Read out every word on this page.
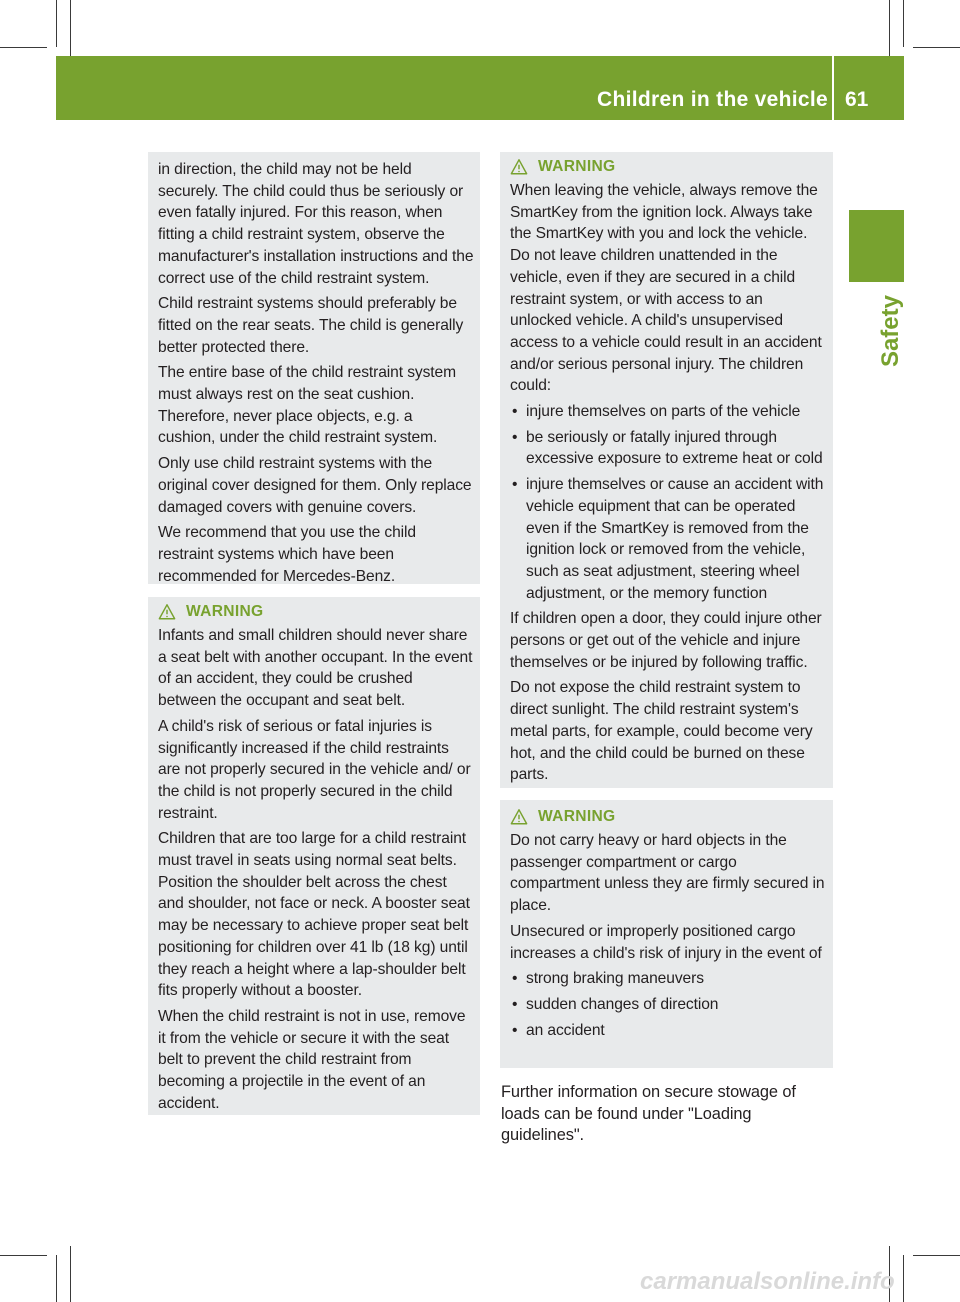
Children in the vehicle 61
Safety

in direction, the child may not be held securely. The child could thus be seriously or even fatally injured. For this reason, when fitting a child restraint system, observe the manufacturer's installation instructions and the correct use of the child restraint system.

Child restraint systems should preferably be fitted on the rear seats. The child is generally better protected there.

The entire base of the child restraint system must always rest on the seat cushion. Therefore, never place objects, e.g. a cushion, under the child restraint system.

Only use child restraint systems with the original cover designed for them. Only replace damaged covers with genuine covers.

We recommend that you use the child restraint systems which have been recommended for Mercedes-Benz.

WARNING

Infants and small children should never share a seat belt with another occupant. In the event of an accident, they could be crushed between the occupant and seat belt.

A child's risk of serious or fatal injuries is significantly increased if the child restraints are not properly secured in the vehicle and/ or the child is not properly secured in the child restraint.

Children that are too large for a child restraint must travel in seats using normal seat belts. Position the shoulder belt across the chest and shoulder, not face or neck. A booster seat may be necessary to achieve proper seat belt positioning for children over 41 lb (18 kg) until they reach a height where a lap-shoulder belt fits properly without a booster.

When the child restraint is not in use, remove it from the vehicle or secure it with the seat belt to prevent the child restraint from becoming a projectile in the event of an accident.

WARNING

When leaving the vehicle, always remove the SmartKey from the ignition lock. Always take the SmartKey with you and lock the vehicle. Do not leave children unattended in the vehicle, even if they are secured in a child restraint system, or with access to an unlocked vehicle. A child's unsupervised access to a vehicle could result in an accident and/or serious personal injury. The children could:

• injure themselves on parts of the vehicle
• be seriously or fatally injured through excessive exposure to extreme heat or cold
• injure themselves or cause an accident with vehicle equipment that can be operated even if the SmartKey is removed from the ignition lock or removed from the vehicle, such as seat adjustment, steering wheel adjustment, or the memory function

If children open a door, they could injure other persons or get out of the vehicle and injure themselves or be injured by following traffic.

Do not expose the child restraint system to direct sunlight. The child restraint system's metal parts, for example, could become very hot, and the child could be burned on these parts.

WARNING

Do not carry heavy or hard objects in the passenger compartment or cargo compartment unless they are firmly secured in place.

Unsecured or improperly positioned cargo increases a child's risk of injury in the event of

• strong braking maneuvers
• sudden changes of direction
• an accident
Further information on secure stowage of loads can be found under "Loading guidelines".
carmanualsonline.info
